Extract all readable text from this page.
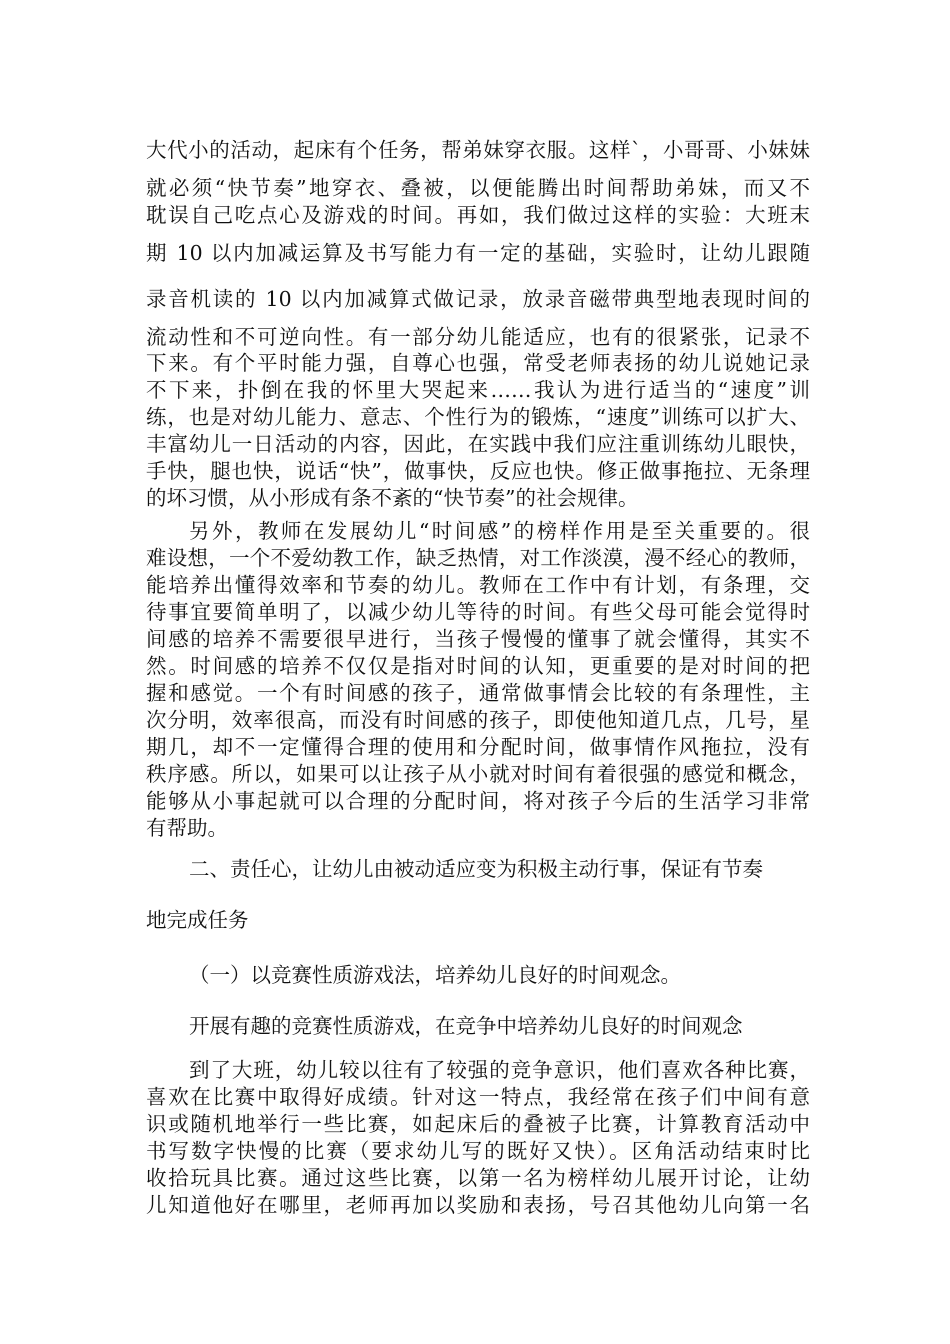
大代小的活动，起床有个任务，帮弟妹穿衣服。这样`，小哥哥、小妹妹
就必须“快节奏”地穿衣、叠被，以便能腾出时间帮助弟妹，而又不
耽误自己吃点心及游戏的时间。再如，我们做过这样的实验：大班末
期 10 以内加减运算及书写能力有一定的基础，实验时，让幼儿跟随
录音机读的 10 以内加减算式做记录，放录音磁带典型地表现时间的
流动性和不可逆向性。有一部分幼儿能适应，也有的很紧张，记录不
下来。有个平时能力强，自尊心也强，常受老师表扬的幼儿说她记录
不下来，扑倒在我的怀里大哭起来……我认为进行适当的“速度”训
练，也是对幼儿能力、意志、个性行为的锻炼，“速度”训练可以扩大、
丰富幼儿一日活动的内容，因此，在实践中我们应注重训练幼儿眼快，
手快，腿也快，说话“快”，做事快，反应也快。修正做事拖拉、无条理
的坏习惯，从小形成有条不紊的“快节奏”的社会规律。
另外，教师在发展幼儿“时间感”的榜样作用是至关重要的。很
难设想，一个不爱幼教工作，缺乏热情，对工作淡漠，漫不经心的教师，
能培养出懂得效率和节奏的幼儿。教师在工作中有计划，有条理，交
待事宜要简单明了，以减少幼儿等待的时间。有些父母可能会觉得时
间感的培养不需要很早进行，当孩子慢慢的懂事了就会懂得，其实不
然。时间感的培养不仅仅是指对时间的认知，更重要的是对时间的把
握和感觉。一个有时间感的孩子，通常做事情会比较的有条理性，主
次分明，效率很高，而没有时间感的孩子，即使他知道几点，几号，星
期几，却不一定懂得合理的使用和分配时间，做事情作风拖拉，没有
秩序感。所以，如果可以让孩子从小就对时间有着很强的感觉和概念，
能够从小事起就可以合理的分配时间，将对孩子今后的生活学习非常
有帮助。
二、责任心，让幼儿由被动适应变为积极主动行事，保证有节奏
地完成任务
（一）以竞赛性质游戏法，培养幼儿良好的时间观念。
开展有趣的竞赛性质游戏，在竞争中培养幼儿良好的时间观念
到了大班，幼儿较以往有了较强的竞争意识，他们喜欢各种比赛，
喜欢在比赛中取得好成绩。针对这一特点，我经常在孩子们中间有意
识或随机地举行一些比赛，如起床后的叠被子比赛，计算教育活动中
书写数字快慢的比赛（要求幼儿写的既好又快）。区角活动结束时比
收拾玩具比赛。通过这些比赛，以第一名为榜样幼儿展开讨论，让幼
儿知道他好在哪里，老师再加以奖励和表扬，号召其他幼儿向第一名
